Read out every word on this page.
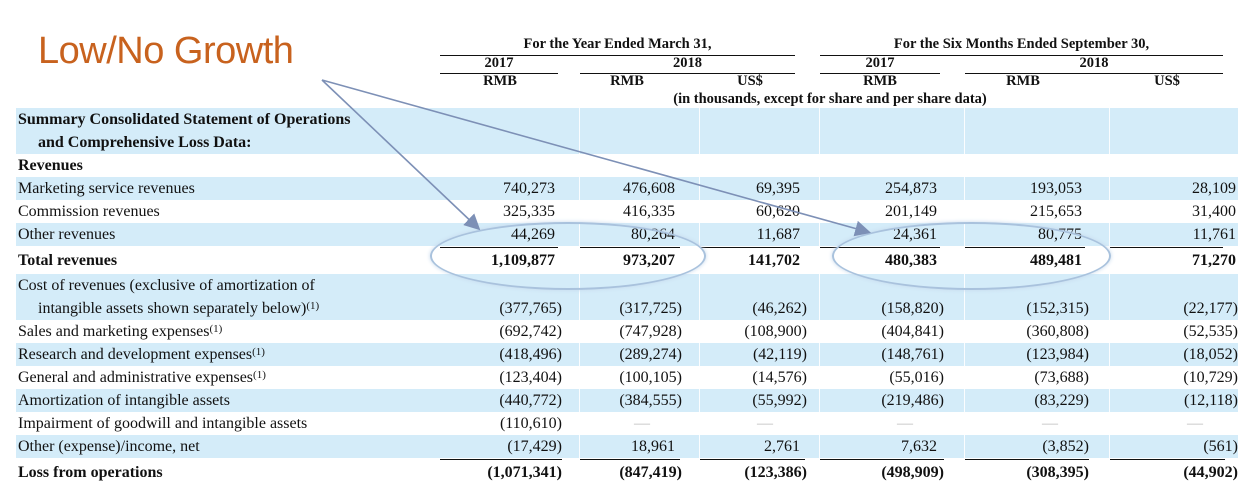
Low/No Growth	For the Year Ended March 31,	For the Six Months Ended September 30,
2017	2018	2017	2018
RMB	RMB	US$	RMB	RMB	US$
(in thousands, except for share and per share data)
Summary Consolidated Statement of Operations
and Comprehensive Loss Data:
Revenues
Marketing service revenues	740,273	476,608	69,395	254,873	193,053	28,109
Commission revenues	325,335	416,335	60,620	201,149	215,653	31,400
Other revenues	44,269	80,264	11,687	24,361	80,775	11,761
Total revenues	1,109,877	973,207	141,702	480,383	489,481	71,270
Cost of revenues (exclusive of amortization of
intangible assets shown separately below)$^{(1)}$	(377,765)	(317,725)	(46,262)	(158,820)	(152,315)	(22,177)
Sales and marketing expenses$^{(1)}$	(692,742)	(747,928)	(108,900)	(404,841)	(360,808)	(52,535)
Research and development expenses$^{(1)}$	(418,496)	(289,274)	(42,119)	(148,761)	(123,984)	(18,052)
General and administrative expenses$^{(1)}$	(123,404)	(100,105)	(14,576)	(55,016)	(73,688)	(10,729)
Amortization of intangible assets	(440,772)	(384,555)	(55,992)	(219,486)	(83,229)	(12,118)
Impairment of goodwill and intangible assets	(110,610)	—	—	—	—	—
Other (expense)/income, net	(17,429)	18,961	2,761	7,632	(3,852)	(561)
Loss from operations	(1,071,341)	(847,419)	(123,386)	(498,909)	(308,395)	(44,902)
